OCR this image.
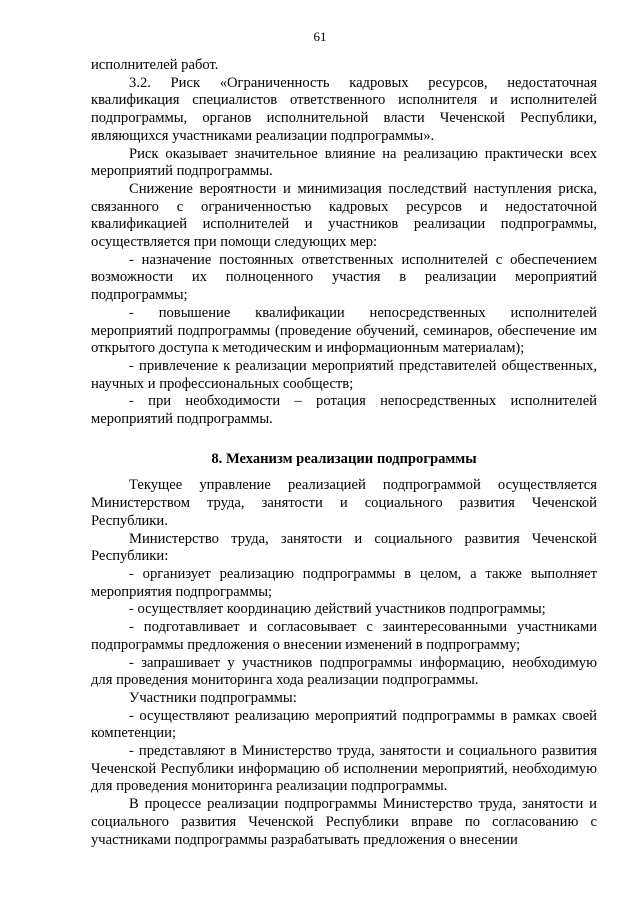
61

исполнителей работ.

3.2. Риск «Ограниченность кадровых ресурсов, недостаточная квалификация специалистов ответственного исполнителя и исполнителей подпрограммы, органов исполнительной власти Чеченской Республики, являющихся участниками реализации подпрограммы».

Риск оказывает значительное влияние на реализацию практически всех мероприятий подпрограммы.

Снижение вероятности и минимизация последствий наступления риска, связанного с ограниченностью кадровых ресурсов и недостаточной квалификацией исполнителей и участников реализации подпрограммы, осуществляется при помощи следующих мер:

- назначение постоянных ответственных исполнителей с обеспечением возможности их полноценного участия в реализации мероприятий подпрограммы;

- повышение квалификации непосредственных исполнителей мероприятий подпрограммы (проведение обучений, семинаров, обеспечение им открытого доступа к методическим и информационным материалам);

- привлечение к реализации мероприятий представителей общественных, научных и профессиональных сообществ;

- при необходимости – ротация непосредственных исполнителей мероприятий подпрограммы.

8. Механизм реализации подпрограммы

Текущее управление реализацией подпрограммой осуществляется Министерством труда, занятости и социального развития Чеченской Республики.

Министерство труда, занятости и социального развития Чеченской Республики:

- организует реализацию подпрограммы в целом, а также выполняет мероприятия подпрограммы;

- осуществляет координацию действий участников подпрограммы;

- подготавливает и согласовывает с заинтересованными участниками подпрограммы предложения о внесении изменений в подпрограмму;

- запрашивает у участников подпрограммы информацию, необходимую для проведения мониторинга хода реализации подпрограммы.

Участники подпрограммы:

- осуществляют реализацию мероприятий подпрограммы в рамках своей компетенции;

- представляют в Министерство труда, занятости и социального развития Чеченской Республики информацию об исполнении мероприятий, необходимую для проведения мониторинга реализации подпрограммы.

В процессе реализации подпрограммы Министерство труда, занятости и социального развития Чеченской Республики вправе по согласованию с участниками подпрограммы разрабатывать предложения о внесении
